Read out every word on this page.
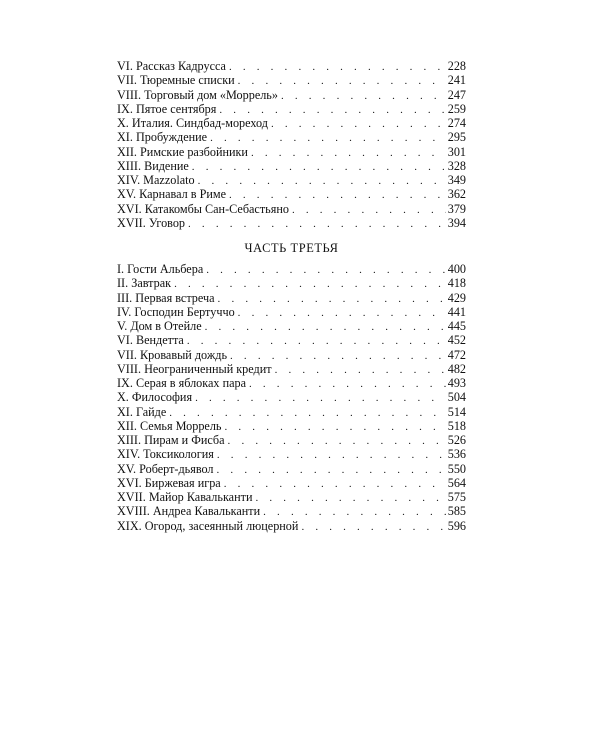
VI. Рассказ Кадрусса . . .	228
VII. Тюремные списки . . .	241
VIII. Торговый дом «Моррель» . . .	247
IX. Пятое сентября . . .	259
X. Италия. Синдбад-мореход . . .	274
XI. Пробуждение . . .	295
XII. Римские разбойники . . .	301
XIII. Видение . . .	328
XIV. Mazzolato . . .	349
XV. Карнавал в Риме . . .	362
XVI. Катакомбы Сан-Себастьяно . . .	379
XVII. Уговор . . .	394
ЧАСТЬ ТРЕТЬЯ
I. Гости Альбера . . .	400
II. Завтрак . . .	418
III. Первая встреча . . .	429
IV. Господин Бертуччо . . .	441
V. Дом в Отейле . . .	445
VI. Вендетта . . .	452
VII. Кровавый дождь . . .	472
VIII. Неограниченный кредит . . .	482
IX. Серая в яблоках пара . . .	493
X. Философия . . .	504
XI. Гайде . . .	514
XII. Семья Моррель . . .	518
XIII. Пирам и Фисба . . .	526
XIV. Токсикология . . .	536
XV. Роберт-дьявол . . .	550
XVI. Биржевая игра . . .	564
XVII. Майор Кавальканти . . .	575
XVIII. Андреа Кавальканти . . .	585
XIX. Огород, засеянный люцерной . . .	596
